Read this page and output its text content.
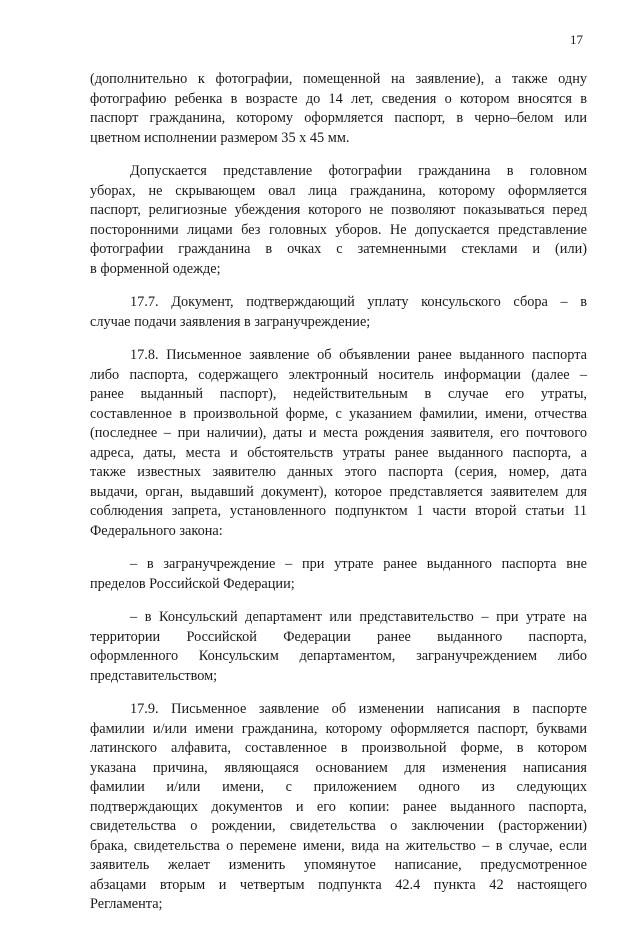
17
(дополнительно к фотографии, помещенной на заявление), а также одну
фотографию ребенка в возрасте до 14 лет, сведения о котором вносятся в
паспорт гражданина, которому оформляется паспорт, в черно–белом или
цветном исполнении размером 35 х 45 мм.
Допускается представление фотографии гражданина в головном
уборах, не скрывающем овал лица гражданина, которому оформляется
паспорт, религиозные убеждения которого не позволяют показываться перед
посторонними лицами без головных уборов. Не допускается представление
фотографии гражданина в очках с затемненными стеклами и (или)
в форменной одежде;
17.7. Документ, подтверждающий уплату консульского сбора – в
случае подачи заявления в загранучреждение;
17.8. Письменное заявление об объявлении ранее выданного паспорта
либо паспорта, содержащего электронный носитель информации (далее –
ранее выданный паспорт), недействительным в случае его утраты,
составленное в произвольной форме, с указанием фамилии, имени, отчества
(последнее – при наличии), даты и места рождения заявителя, его почтового
адреса, даты, места и обстоятельств утраты ранее выданного паспорта, а
также известных заявителю данных этого паспорта (серия, номер, дата
выдачи, орган, выдавший документ), которое представляется заявителем для
соблюдения запрета, установленного подпунктом 1 части второй статьи 11
Федерального закона:
– в загранучреждение – при утрате ранее выданного паспорта вне
пределов Российской Федерации;
– в Консульский департамент или представительство – при утрате на
территории Российской Федерации ранее выданного паспорта,
оформленного Консульским департаментом, загранучреждением либо
представительством;
17.9. Письменное заявление об изменении написания в паспорте
фамилии и/или имени гражданина, которому оформляется паспорт, буквами
латинского алфавита, составленное в произвольной форме, в котором
указана причина, являющаяся основанием для изменения написания
фамилии и/или имени, с приложением одного из следующих
подтверждающих документов и его копии: ранее выданного паспорта,
свидетельства о рождении, свидетельства о заключении (расторжении)
брака, свидетельства о перемене имени, вида на жительство – в случае, если
заявитель желает изменить упомянутое написание, предусмотренное
абзацами вторым и четвертым подпункта 42.4 пункта 42 настоящего
Регламента;
